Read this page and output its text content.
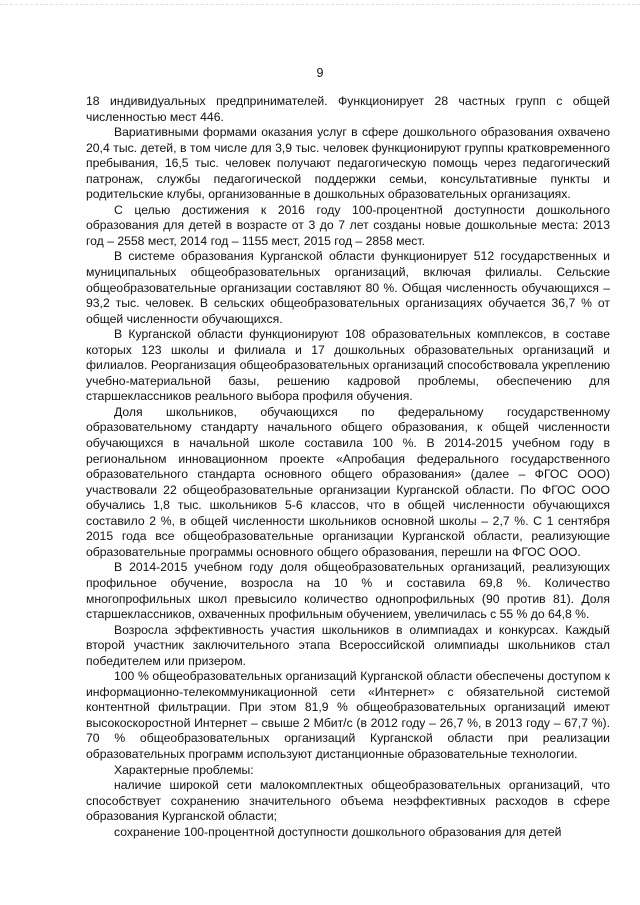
9

18 индивидуальных предпринимателей. Функционирует 28 частных групп с общей численностью мест 446.

Вариативными формами оказания услуг в сфере дошкольного образования охвачено 20,4 тыс. детей, в том числе для 3,9 тыс. человек функционируют группы кратковременного пребывания, 16,5 тыс. человек получают педагогическую помощь через педагогический патронаж, службы педагогической поддержки семьи, консультативные пункты и родительские клубы, организованные в дошкольных образовательных организациях.

С целью достижения к 2016 году 100-процентной доступности дошкольного образования для детей в возрасте от 3 до 7 лет созданы новые дошкольные места: 2013 год – 2558 мест, 2014 год – 1155 мест, 2015 год – 2858 мест.

В системе образования Курганской области функционирует 512 государственных и муниципальных общеобразовательных организаций, включая филиалы. Сельские общеобразовательные организации составляют 80 %. Общая численность обучающихся – 93,2 тыс. человек. В сельских общеобразовательных организациях обучается 36,7 % от общей численности обучающихся.

В Курганской области функционируют 108 образовательных комплексов, в составе которых 123 школы и филиала и 17 дошкольных образовательных организаций и филиалов. Реорганизация общеобразовательных организаций способствовала укреплению учебно-материальной базы, решению кадровой проблемы, обеспечению для старшеклассников реального выбора профиля обучения.

Доля школьников, обучающихся по федеральному государственному образовательному стандарту начального общего образования, к общей численности обучающихся в начальной школе составила 100 %. В 2014-2015 учебном году в региональном инновационном проекте «Апробация федерального государственного образовательного стандарта основного общего образования» (далее – ФГОС ООО) участвовали 22 общеобразовательные организации Курганской области. По ФГОС ООО обучались 1,8 тыс. школьников 5-6 классов, что в общей численности обучающихся составило 2 %, в общей численности школьников основной школы – 2,7 %. С 1 сентября 2015 года все общеобразовательные организации Курганской области, реализующие образовательные программы основного общего образования, перешли на ФГОС ООО.

В 2014-2015 учебном году доля общеобразовательных организаций, реализующих профильное обучение, возросла на 10 % и составила 69,8 %. Количество многопрофильных школ превысило количество однопрофильных (90 против 81). Доля старшеклассников, охваченных профильным обучением, увеличилась с 55 % до 64,8 %.

Возросла эффективность участия школьников в олимпиадах и конкурсах. Каждый второй участник заключительного этапа Всероссийской олимпиады школьников стал победителем или призером.

100 % общеобразовательных организаций Курганской области обеспечены доступом к информационно-телекоммуникационной сети «Интернет» с обязательной системой контентной фильтрации. При этом 81,9 % общеобразовательных организаций имеют высокоскоростной Интернет – свыше 2 Мбит/с (в 2012 году – 26,7 %, в 2013 году – 67,7 %). 70 % общеобразовательных организаций Курганской области при реализации образовательных программ используют дистанционные образовательные технологии.

Характерные проблемы:

наличие широкой сети малокомплектных общеобразовательных организаций, что способствует сохранению значительного объема неэффективных расходов в сфере образования Курганской области;

сохранение 100-процентной доступности дошкольного образования для детей
